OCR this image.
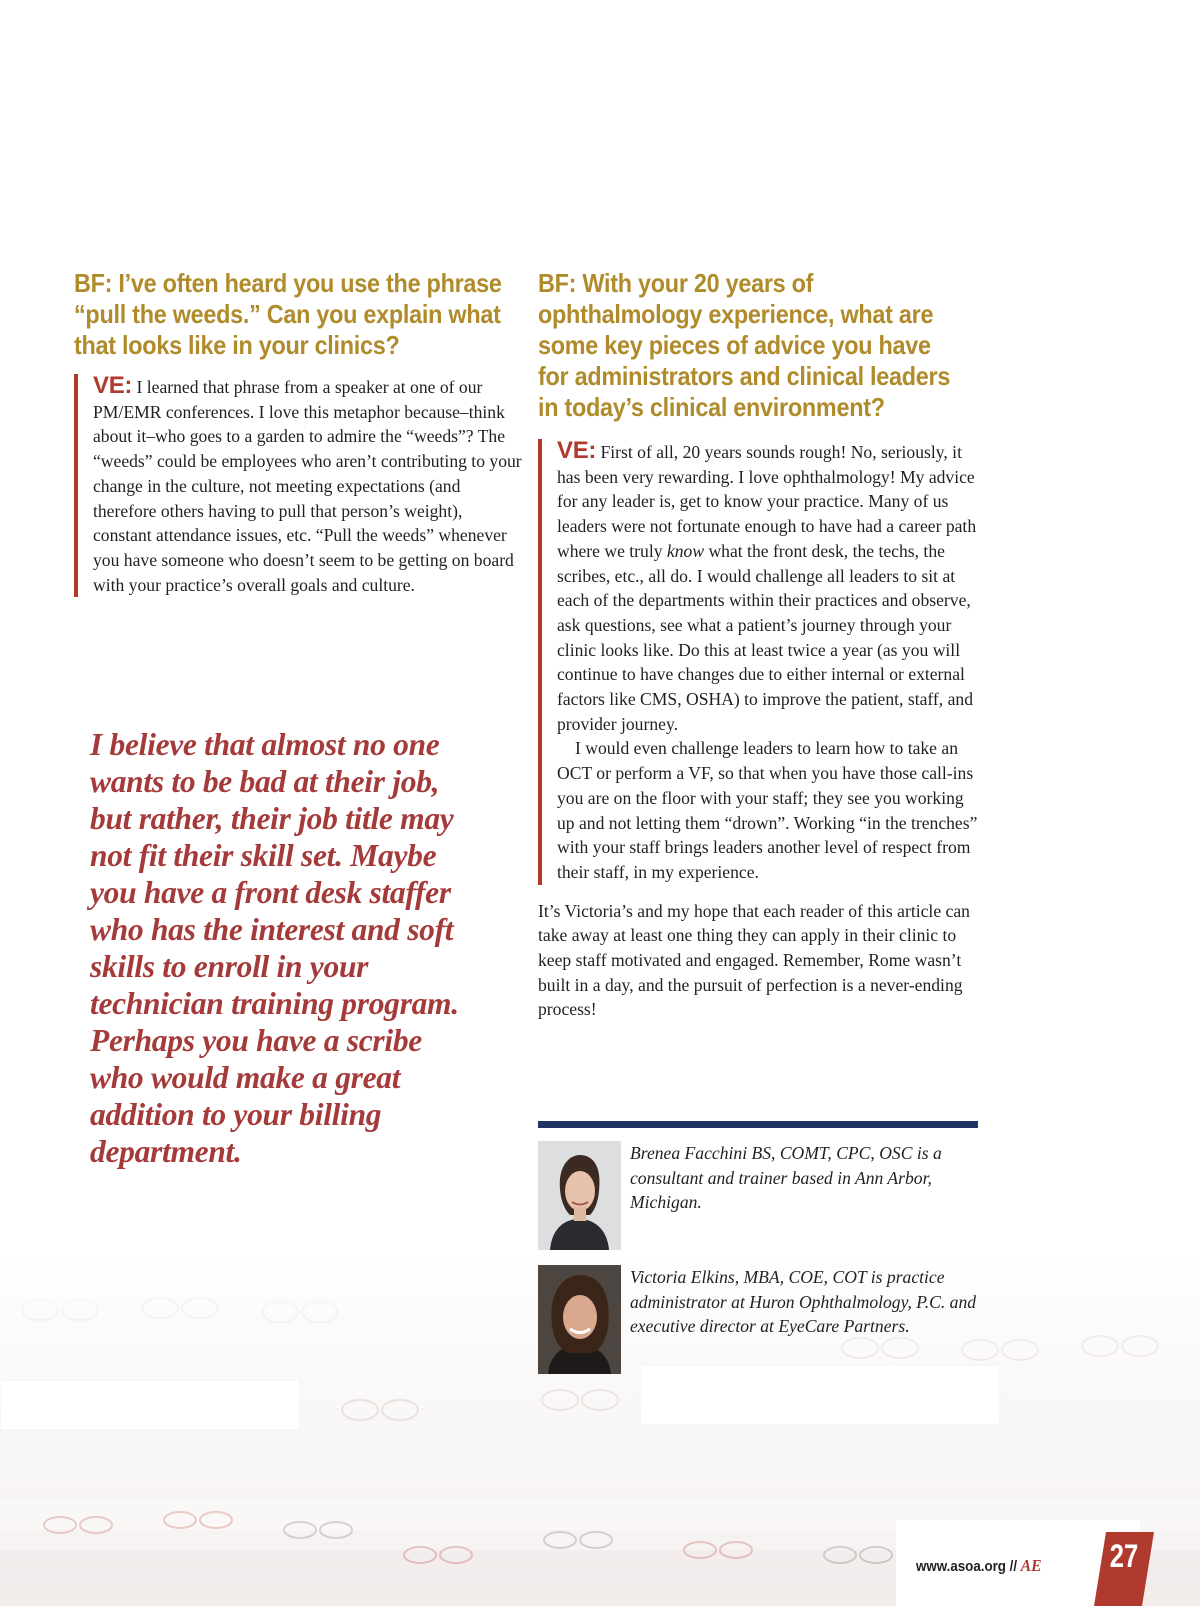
BF: I’ve often heard you use the phrase “pull the weeds.” Can you explain what that looks like in your clinics?

VE: I learned that phrase from a speaker at one of our PM/EMR conferences. I love this metaphor because–think about it–who goes to a garden to admire the “weeds”? The “weeds” could be employees who aren’t contributing to your change in the culture, not meeting expectations (and therefore others having to pull that person’s weight), constant attendance issues, etc. “Pull the weeds” whenever you have someone who doesn’t seem to be getting on board with your practice’s overall goals and culture.

I believe that almost no one wants to be bad at their job, but rather, their job title may not fit their skill set. Maybe you have a front desk staffer who has the interest and soft skills to enroll in your technician training program. Perhaps you have a scribe who would make a great addition to your billing department.
BF: With your 20 years of ophthalmology experience, what are some key pieces of advice you have for administrators and clinical leaders in today’s clinical environment?

VE: First of all, 20 years sounds rough! No, seriously, it has been very rewarding. I love ophthalmology! My advice for any leader is, get to know your practice. Many of us leaders were not fortunate enough to have had a career path where we truly know what the front desk, the techs, the scribes, etc., all do. I would challenge all leaders to sit at each of the departments within their practices and observe, ask questions, see what a patient’s journey through your clinic looks like. Do this at least twice a year (as you will continue to have changes due to either internal or external factors like CMS, OSHA) to improve the patient, staff, and provider journey.

I would even challenge leaders to learn how to take an OCT or perform a VF, so that when you have those call-ins you are on the floor with your staff; they see you working up and not letting them “drown”. Working “in the trenches” with your staff brings leaders another level of respect from their staff, in my experience.

It’s Victoria’s and my hope that each reader of this article can take away at least one thing they can apply in their clinic to keep staff motivated and engaged. Remember, Rome wasn’t built in a day, and the pursuit of perfection is a never-ending process!

Brenea Facchini BS, COMT, CPC, OSC is a consultant and trainer based in Ann Arbor, Michigan.
Victoria Elkins, MBA, COE, COT is practice administrator at Huron Ophthalmology, P.C. and executive director at EyeCare Partners.
www.asoa.org // AE 27
